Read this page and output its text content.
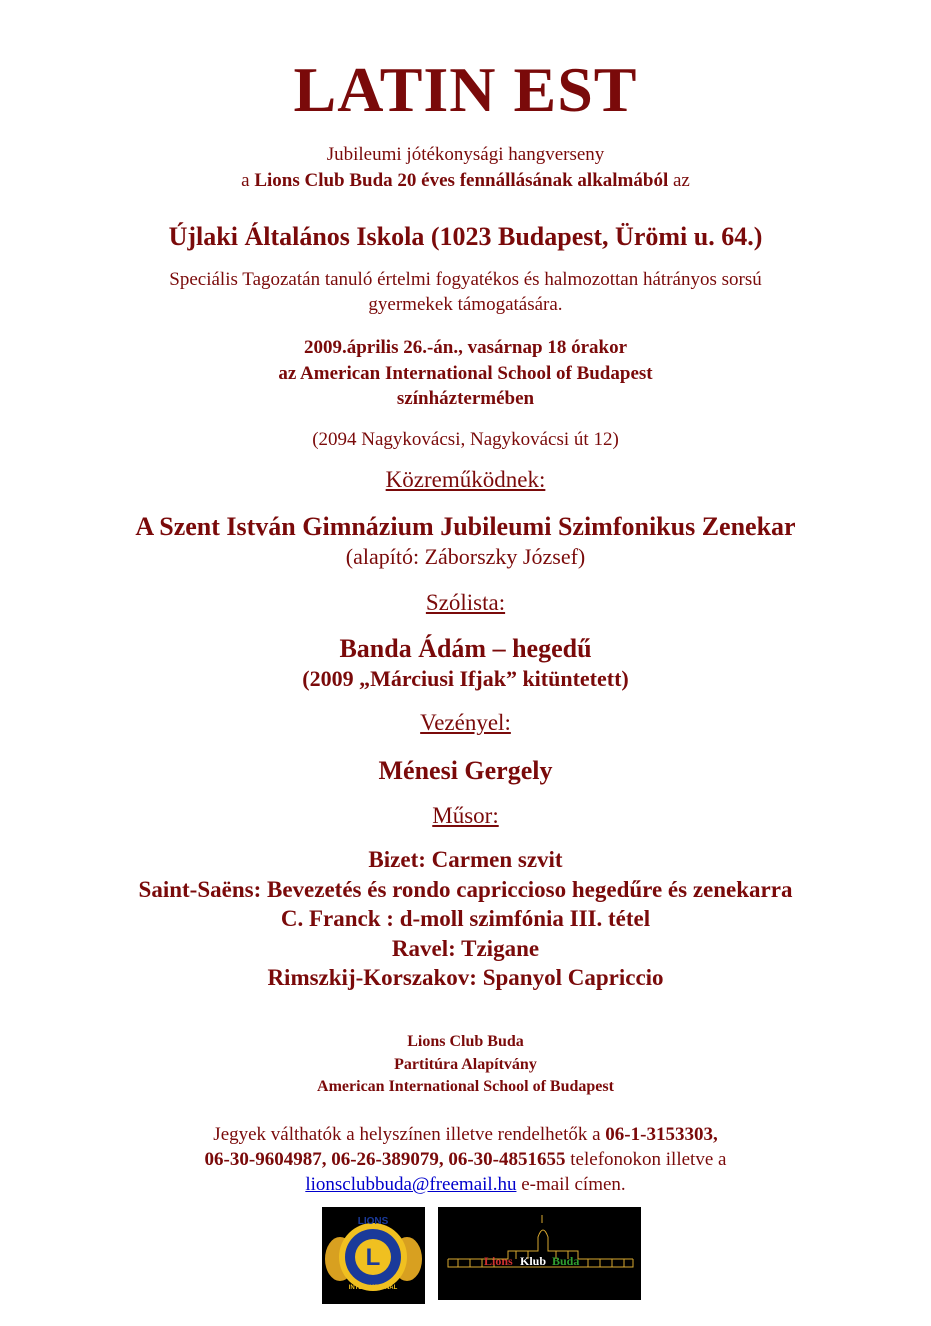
LATIN EST
Jubileumi jótékonysági hangverseny
a Lions Club Buda 20 éves fennállásának alkalmából az
Újlaki Általános Iskola (1023 Budapest, Ürömi u. 64.)
Speciális Tagozatán tanuló értelmi fogyatékos és halmozottan hátrányos sorsú
gyermekek támogatására.
2009.április 26.-án., vasárnap 18 órakor
az American International School of Budapest
színháztermében
(2094 Nagykovácsi, Nagykovácsi út 12)
Közreműködnek:
A Szent István Gimnázium Jubileumi Szimfonikus Zenekar
(alapító: Záborszky József)
Szólista:
Banda Ádám – hegedű
(2009 „Márciusi Ifjak” kitüntetett)
Vezényel:
Ménesi Gergely
Műsor:
Bizet: Carmen szvit
Saint-Saëns: Bevezetés és rondo capriccioso hegedűre és zenekarra
C. Franck : d-moll szimfónia III. tétel
Ravel: Tzigane
Rimszkij-Korszakov: Spanyol Capriccio
Lions Club Buda
Partitúra Alapítvány
American International School of Budapest
Jegyek válthatók a helyszínen illetve rendelhetők a 06-1-3153303,
06-30-9604987, 06-26-389079, 06-30-4851655 telefonokon illetve a
lionsclubbuda@freemail.hu e-mail címen.
LIONS
L
INTERNATIONAL
Lions Klub Buda
